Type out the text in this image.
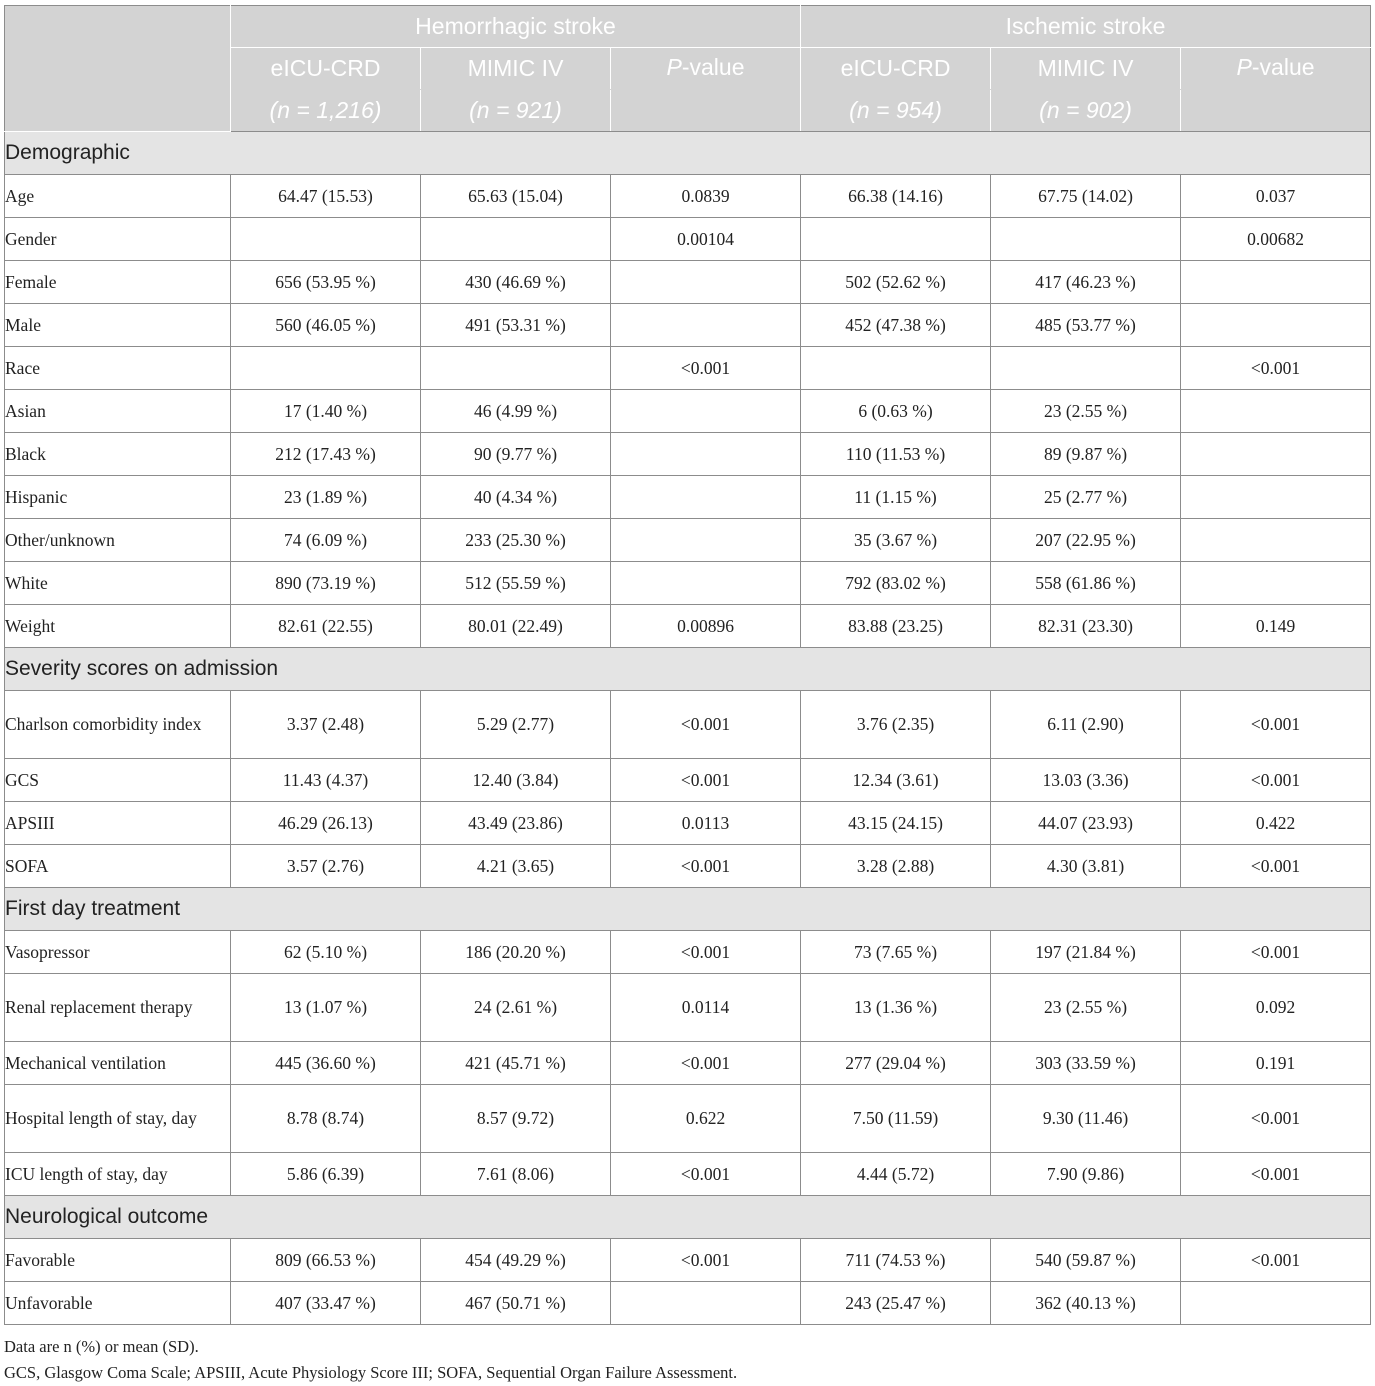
	Hemorrhagic stroke			Ischemic stroke		
	eICU-CRD	MIMIC IV	P-value	eICU-CRD	MIMIC IV	P-value
	(n = 1,216)	(n = 921)		(n = 954)	(n = 902)	
Demographic						
Age	64.47 (15.53)	65.63 (15.04)	0.0839	66.38 (14.16)	67.75 (14.02)	0.037
Gender			0.00104			0.00682
Female	656 (53.95 %)	430 (46.69 %)		502 (52.62 %)	417 (46.23 %)	
Male	560 (46.05 %)	491 (53.31 %)		452 (47.38 %)	485 (53.77 %)	
Race			<0.001			<0.001
Asian	17 (1.40 %)	46 (4.99 %)		6 (0.63 %)	23 (2.55 %)	
Black	212 (17.43 %)	90 (9.77 %)		110 (11.53 %)	89 (9.87 %)	
Hispanic	23 (1.89 %)	40 (4.34 %)		11 (1.15 %)	25 (2.77 %)	
Other/unknown	74 (6.09 %)	233 (25.30 %)		35 (3.67 %)	207 (22.95 %)	
White	890 (73.19 %)	512 (55.59 %)		792 (83.02 %)	558 (61.86 %)	
Weight	82.61 (22.55)	80.01 (22.49)	0.00896	83.88 (23.25)	82.31 (23.30)	0.149
Severity scores on admission						
Charlson comorbidity index	3.37 (2.48)	5.29 (2.77)	<0.001	3.76 (2.35)	6.11 (2.90)	<0.001
GCS	11.43 (4.37)	12.40 (3.84)	<0.001	12.34 (3.61)	13.03 (3.36)	<0.001
APSIII	46.29 (26.13)	43.49 (23.86)	0.0113	43.15 (24.15)	44.07 (23.93)	0.422
SOFA	3.57 (2.76)	4.21 (3.65)	<0.001	3.28 (2.88)	4.30 (3.81)	<0.001
First day treatment						
Vasopressor	62 (5.10 %)	186 (20.20 %)	<0.001	73 (7.65 %)	197 (21.84 %)	<0.001
Renal replacement therapy	13 (1.07 %)	24 (2.61 %)	0.0114	13 (1.36 %)	23 (2.55 %)	0.092
Mechanical ventilation	445 (36.60 %)	421 (45.71 %)	<0.001	277 (29.04 %)	303 (33.59 %)	0.191
Hospital length of stay, day	8.78 (8.74)	8.57 (9.72)	0.622	7.50 (11.59)	9.30 (11.46)	<0.001
ICU length of stay, day	5.86 (6.39)	7.61 (8.06)	<0.001	4.44 (5.72)	7.90 (9.86)	<0.001
Neurological outcome						
Favorable	809 (66.53 %)	454 (49.29 %)	<0.001	711 (74.53 %)	540 (59.87 %)	<0.001
Unfavorable	407 (33.47 %)	467 (50.71 %)		243 (25.47 %)	362 (40.13 %)	
Data are n (%) or mean (SD).
GCS, Glasgow Coma Scale; APSIII, Acute Physiology Score III; SOFA, Sequential Organ Failure Assessment.
